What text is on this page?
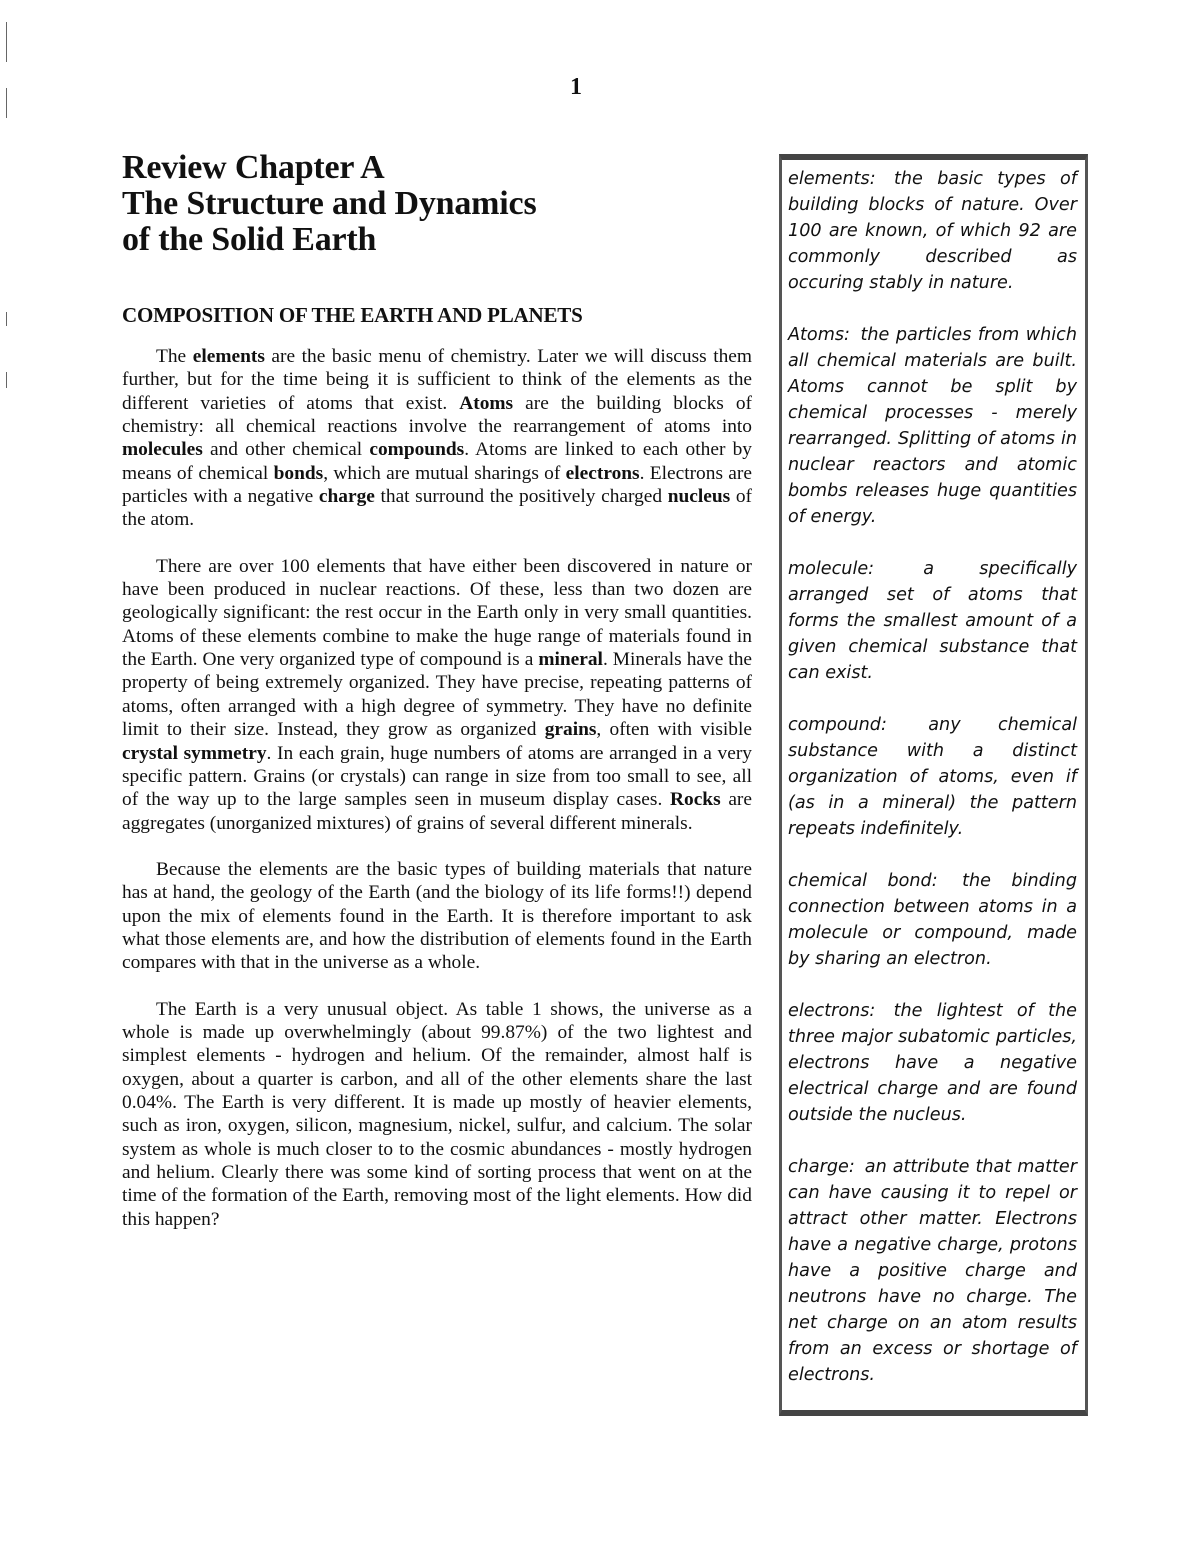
1
Review Chapter A
The Structure and Dynamics
of the Solid Earth
COMPOSITION OF THE EARTH AND PLANETS

The elements are the basic menu of chemistry. Later we will discuss them further, but for the time being it is sufficient to think of the elements as the different varieties of atoms that exist. Atoms are the building blocks of chemistry: all chemical reactions involve the rearrangement of atoms into molecules and other chemical compounds. Atoms are linked to each other by means of chemical bonds, which are mutual sharings of electrons. Electrons are particles with a negative charge that surround the positively charged nucleus of the atom.

There are over 100 elements that have either been discovered in nature or have been produced in nuclear reactions. Of these, less than two dozen are geologically significant: the rest occur in the Earth only in very small quantities. Atoms of these elements combine to make the huge range of materials found in the Earth. One very organized type of compound is a mineral. Minerals have the property of being extremely organized. They have precise, repeating patterns of atoms, often arranged with a high degree of symmetry. They have no definite limit to their size. Instead, they grow as organized grains, often with visible crystal symmetry. In each grain, huge numbers of atoms are arranged in a very specific pattern. Grains (or crystals) can range in size from too small to see, all of the way up to the large samples seen in museum display cases. Rocks are aggregates (unorganized mixtures) of grains of several different minerals.

Because the elements are the basic types of building materials that nature has at hand, the geology of the Earth (and the biology of its life forms!!) depend upon the mix of elements found in the Earth. It is therefore important to ask what those elements are, and how the distribution of elements found in the Earth compares with that in the universe as a whole.

The Earth is a very unusual object. As table 1 shows, the universe as a whole is made up overwhelmingly (about 99.87%) of the two lightest and simplest elements - hydrogen and helium. Of the remainder, almost half is oxygen, about a quarter is carbon, and all of the other elements share the last 0.04%. The Earth is very different. It is made up mostly of heavier elements, such as iron, oxygen, silicon, magnesium, nickel, sulfur, and calcium. The solar system as whole is much closer to to the cosmic abundances - mostly hydrogen and helium. Clearly there was some kind of sorting process that went on at the time of the formation of the Earth, removing most of the light elements. How did this happen?

elements: the basic types of building blocks of nature. Over 100 are known, of which 92 are commonly described as occuring stably in nature.
Atoms: the particles from which all chemical materials are built. Atoms cannot be split by chemical processes - merely rearranged. Splitting of atoms in nuclear reactors and atomic bombs releases huge quantities of energy.
molecule:	a specifically arranged set of atoms that forms the smallest amount of a given chemical substance that can exist.
compound: any chemical substance with a distinct organization of atoms, even if (as in a mineral) the pattern repeats indefinitely.
chemical bond: the binding connection between atoms in a molecule or compound, made by sharing an electron.
electrons: the lightest of the three major subatomic particles, electrons have a negative electrical charge and are found outside the nucleus.
charge: an attribute that matter can have causing it to repel or attract other matter. Electrons have a negative charge, protons have a positive charge and neutrons have no charge. The net charge on an atom results from an excess or shortage of electrons.
